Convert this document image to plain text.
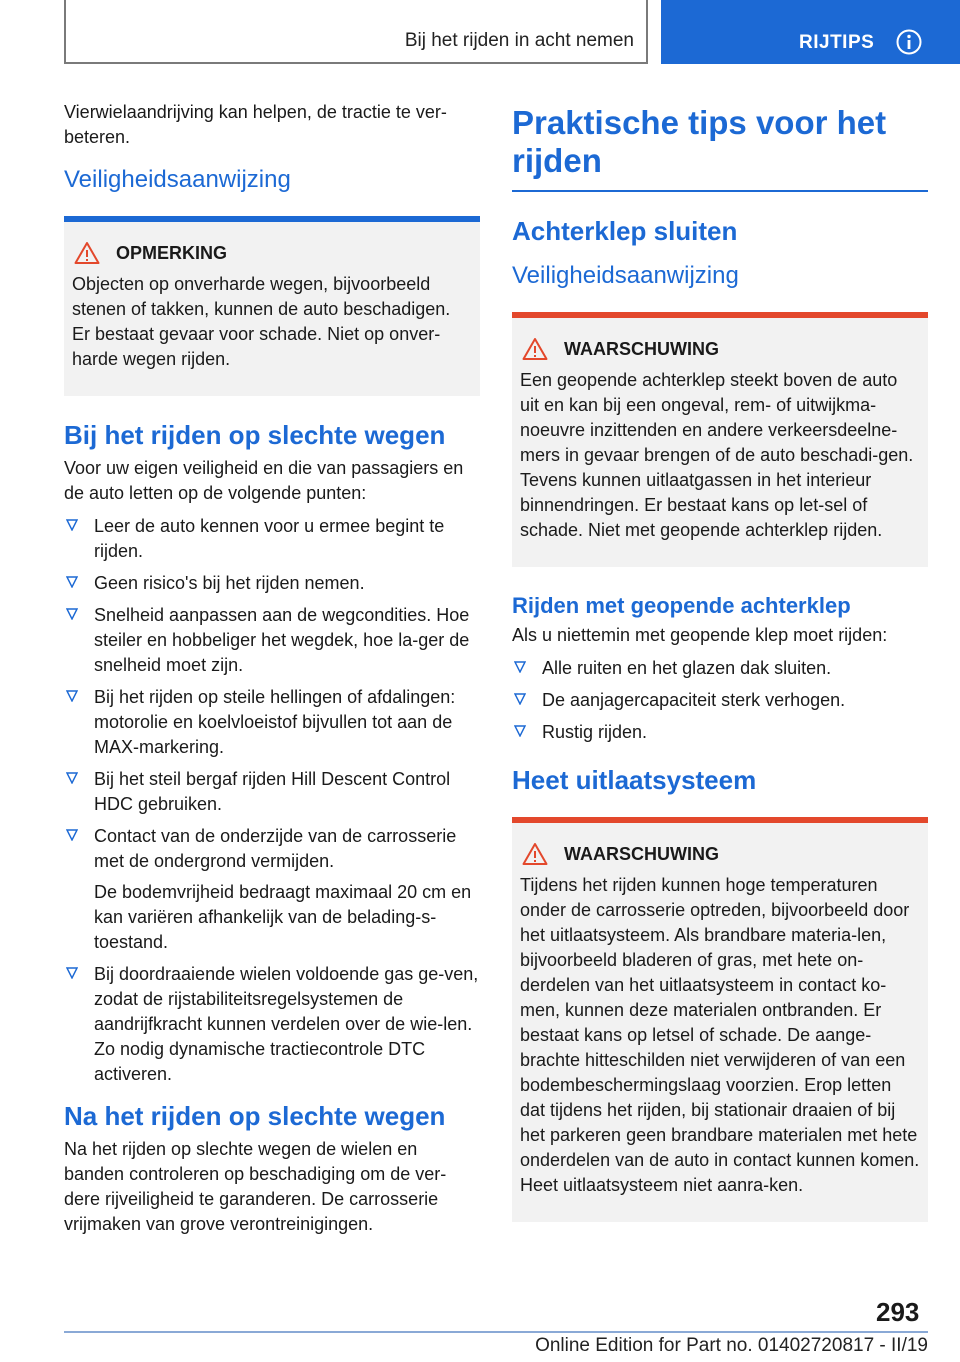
Bij het rijden in acht nemen	RIJTIPS

Vierwielaandrijving kan helpen, de tractie te ver‐beteren.

Veiligheidsaanwijzing
OPMERKING

Objecten op onverharde wegen, bijvoorbeeld stenen of takken, kunnen de auto beschadigen. Er bestaat gevaar voor schade. Niet op onver‐harde wegen rijden.

Bij het rijden op slechte wegen

Voor uw eigen veiligheid en die van passagiers en de auto letten op de volgende punten:

Leer de auto kennen voor u ermee begint te rijden.
Geen risico's bij het rijden nemen.
Snelheid aanpassen aan de wegcondities. Hoe steiler en hobbeliger het wegdek, hoe la‐ger de snelheid moet zijn.
Bij het rijden op steile hellingen of afdalingen: motorolie en koelvloeistof bijvullen tot aan de MAX-markering.
Bij het steil bergaf rijden Hill Descent Control HDC gebruiken.
Contact van de onderzijde van de carrosserie met de ondergrond vermijden.

De bodemvrijheid bedraagt maximaal 20 cm en kan variëren afhankelijk van de belading‐s-toestand.

Bij doordraaiende wielen voldoende gas ge‐ven, zodat de rijstabiliteitsregelsystemen de aandrijfkracht kunnen verdelen over de wie‐len. Zo nodig dynamische tractiecontrole DTC activeren.
Na het rijden op slechte wegen

Na het rijden op slechte wegen de wielen en banden controleren op beschadiging om de ver‐dere rijveiligheid te garanderen. De carrosserie vrijmaken van grove verontreinigingen.

Praktische tips voor het rijden
Achterklep sluiten
Veiligheidsaanwijzing
WAARSCHUWING

Een geopende achterklep steekt boven de auto uit en kan bij een ongeval, rem- of uitwijkma‐noeuvre inzittenden en andere verkeersdeelne‐mers in gevaar brengen of de auto beschadi‐gen. Tevens kunnen uitlaatgassen in het interieur binnendringen. Er bestaat kans op let‐sel of schade. Niet met geopende achterklep rijden.

Rijden met geopende achterklep

Als u niettemin met geopende klep moet rijden:

Alle ruiten en het glazen dak sluiten.
De aanjagercapaciteit sterk verhogen.
Rustig rijden.
Heet uitlaatsysteem
WAARSCHUWING

Tijdens het rijden kunnen hoge temperaturen onder de carrosserie optreden, bijvoorbeeld door het uitlaatsysteem. Als brandbare materia‐len, bijvoorbeeld bladeren of gras, met hete on‐derdelen van het uitlaatsysteem in contact ko‐men, kunnen deze materialen ontbranden. Er bestaat kans op letsel of schade. De aange‐brachte hitteschilden niet verwijderen of van een bodembeschermingslaag voorzien. Erop letten dat tijdens het rijden, bij stationair draaien of bij het parkeren geen brandbare materialen met hete onderdelen van de auto in contact kunnen komen. Heet uitlaatsysteem niet aanra‐ken.

293
Online Edition for Part no. 01402720817 - II/19
